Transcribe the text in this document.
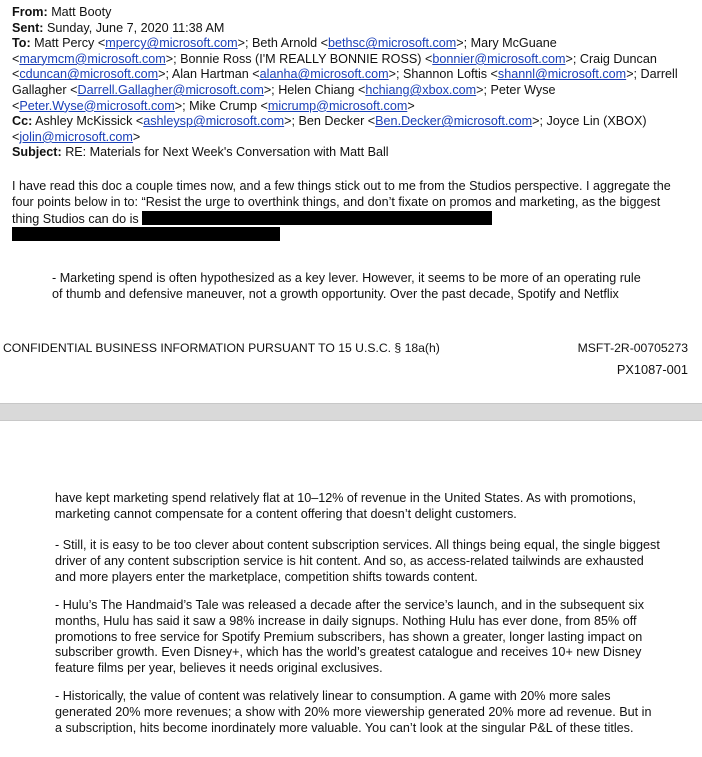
From: Matt Booty
Sent: Sunday, June 7, 2020 11:38 AM
To: Matt Percy <mpercy@microsoft.com>; Beth Arnold <bethsc@microsoft.com>; Mary McGuane <marymcm@microsoft.com>; Bonnie Ross (I'M REALLY BONNIE ROSS) <bonnier@microsoft.com>; Craig Duncan <cduncan@microsoft.com>; Alan Hartman <alanha@microsoft.com>; Shannon Loftis <shannl@microsoft.com>; Darrell Gallagher <Darrell.Gallagher@microsoft.com>; Helen Chiang <hchiang@xbox.com>; Peter Wyse <Peter.Wyse@microsoft.com>; Mike Crump <micrump@microsoft.com>
Cc: Ashley McKissick <ashleysp@microsoft.com>; Ben Decker <Ben.Decker@microsoft.com>; Joyce Lin (XBOX) <jolin@microsoft.com>
Subject: RE: Materials for Next Week's Conversation with Matt Ball
I have read this doc a couple times now, and a few things stick out to me from the Studios perspective. I aggregate the four points below in to: “Resist the urge to overthink things, and don’t fixate on promos and marketing, as the biggest thing Studios can do is
- Marketing spend is often hypothesized as a key lever. However, it seems to be more of an operating rule of thumb and defensive maneuver, not a growth opportunity. Over the past decade, Spotify and Netflix
CONFIDENTIAL BUSINESS INFORMATION PURSUANT TO 15 U.S.C. § 18a(h)	MSFT-2R-00705273
PX1087-001
have kept marketing spend relatively flat at 10–12% of revenue in the United States. As with promotions, marketing cannot compensate for a content offering that doesn’t delight customers.
- Still, it is easy to be too clever about content subscription services. All things being equal, the single biggest driver of any content subscription service is hit content. And so, as access-related tailwinds are exhausted and more players enter the marketplace, competition shifts towards content.
- Hulu’s The Handmaid’s Tale was released a decade after the service’s launch, and in the subsequent six months, Hulu has said it saw a 98% increase in daily signups. Nothing Hulu has ever done, from 85% off promotions to free service for Spotify Premium subscribers, has shown a greater, longer lasting impact on subscriber growth. Even Disney+, which has the world’s greatest catalogue and receives 10+ new Disney feature films per year, believes it needs original exclusives.
- Historically, the value of content was relatively linear to consumption. A game with 20% more sales generated 20% more revenues; a show with 20% more viewership generated 20% more ad revenue. But in a subscription, hits become inordinately more valuable. You can’t look at the singular P&L of these titles.
